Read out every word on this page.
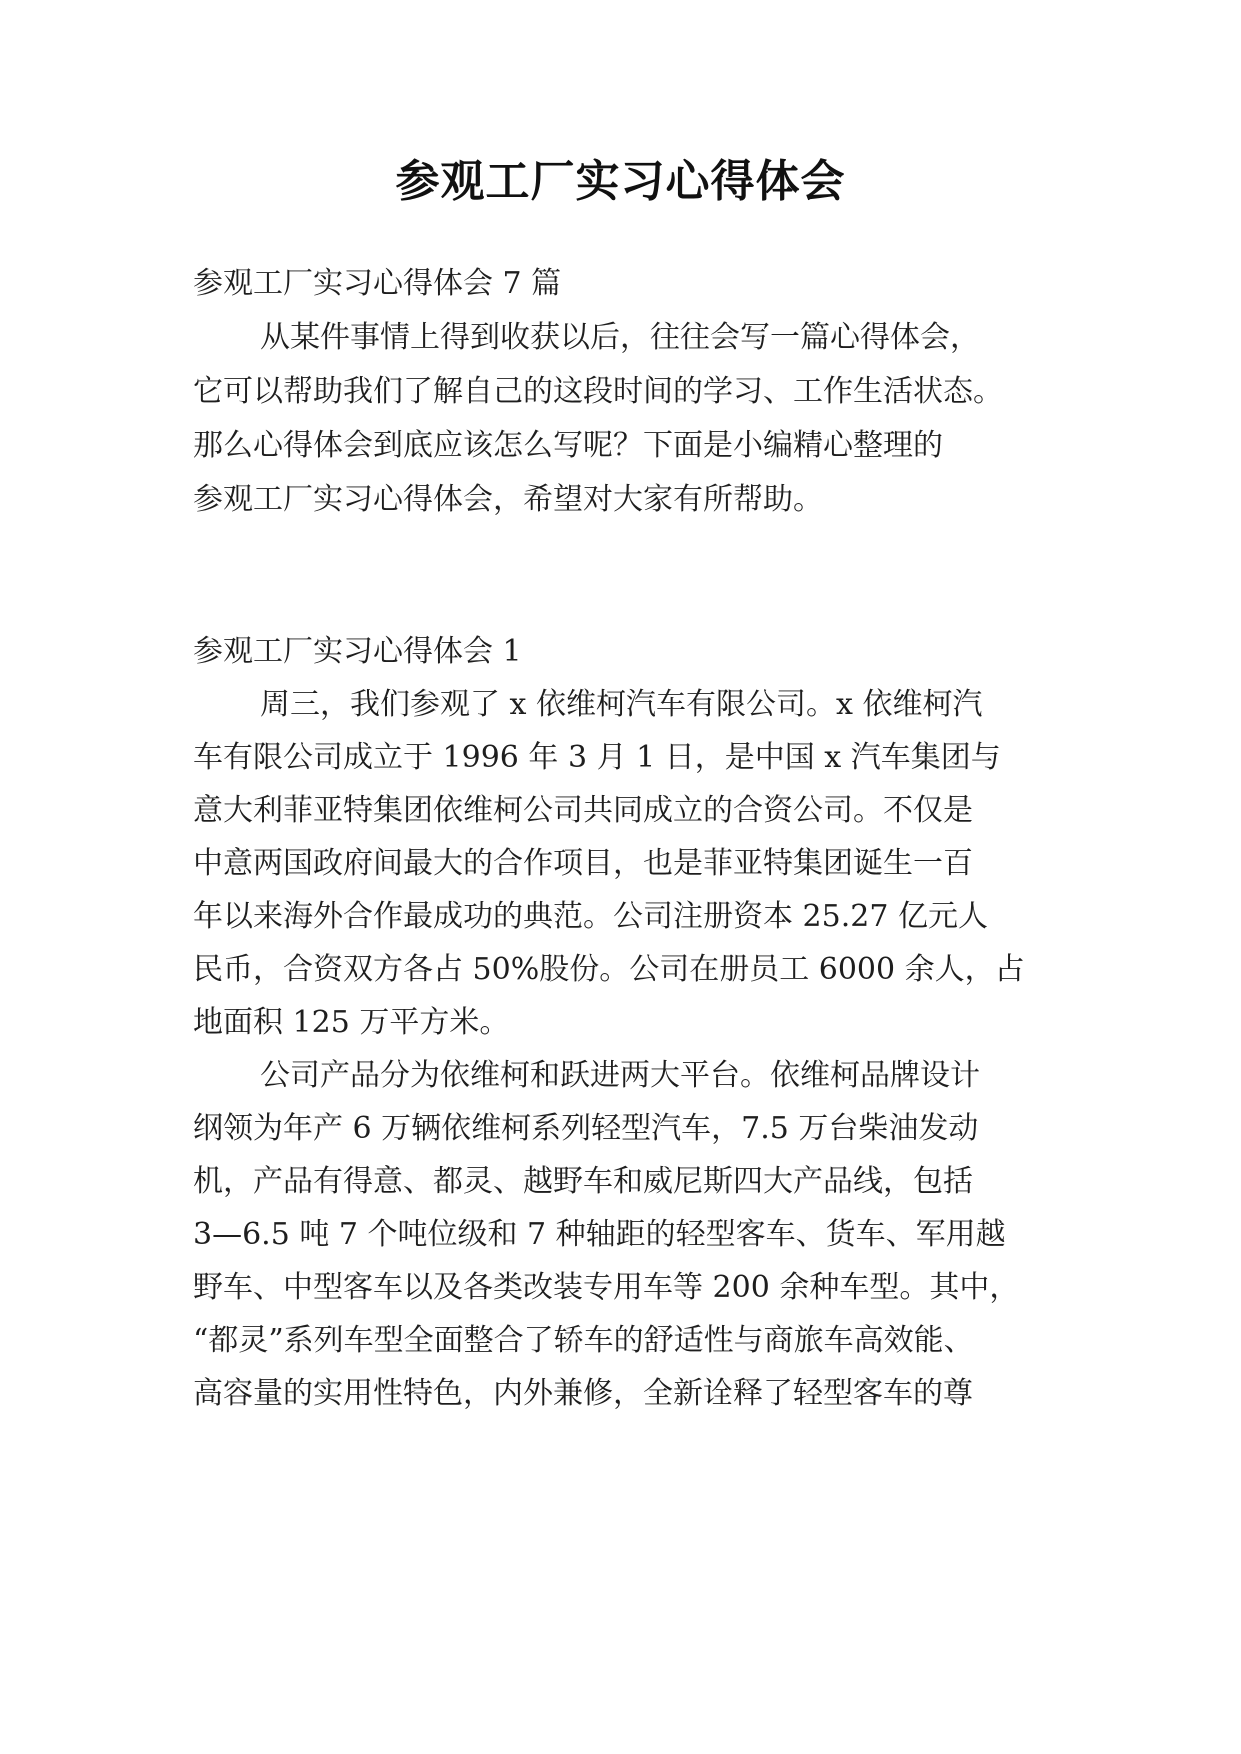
参观工厂实习心得体会
参观工厂实习心得体会 7 篇
从某件事情上得到收获以后，往往会写一篇心得体会，
它可以帮助我们了解自己的这段时间的学习、工作生活状态。
那么心得体会到底应该怎么写呢？下面是小编精心整理的
参观工厂实习心得体会，希望对大家有所帮助。
参观工厂实习心得体会 1
周三，我们参观了 x 依维柯汽车有限公司。x 依维柯汽
车有限公司成立于 1996 年 3 月 1 日，是中国 x 汽车集团与
意大利菲亚特集团依维柯公司共同成立的合资公司。不仅是
中意两国政府间最大的合作项目，也是菲亚特集团诞生一百
年以来海外合作最成功的典范。公司注册资本 25.27 亿元人
民币，合资双方各占 50%股份。公司在册员工 6000 余人，占
地面积 125 万平方米。
公司产品分为依维柯和跃进两大平台。依维柯品牌设计
纲领为年产 6 万辆依维柯系列轻型汽车，7.5 万台柴油发动
机，产品有得意、都灵、越野车和威尼斯四大产品线，包括
3—6.5 吨 7 个吨位级和 7 种轴距的轻型客车、货车、军用越
野车、中型客车以及各类改装专用车等 200 余种车型。其中，
“都灵”系列车型全面整合了轿车的舒适性与商旅车高效能、
高容量的实用性特色，内外兼修，全新诠释了轻型客车的尊
